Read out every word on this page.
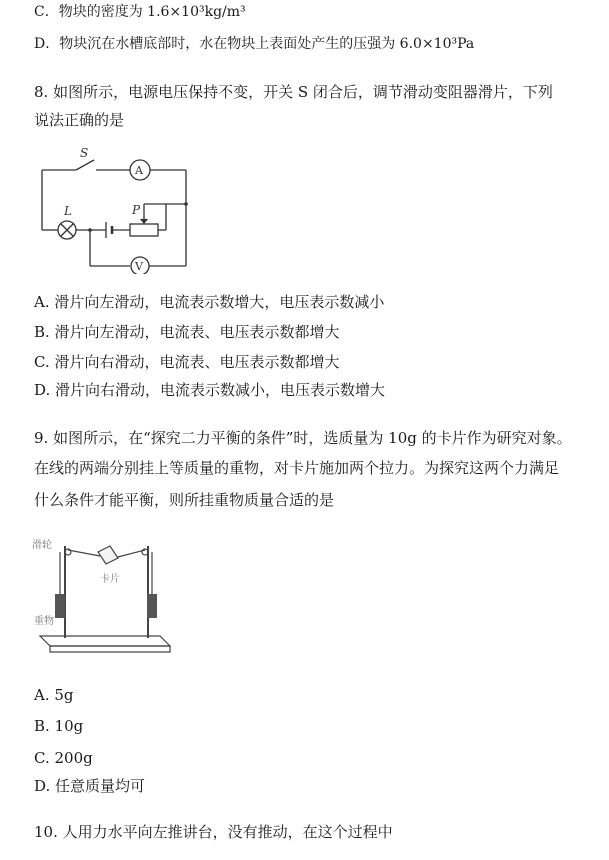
C．物块的密度为 1.6×10³kg/m³
D．物块沉在水槽底部时，水在物块上表面处产生的压强为 6.0×10³Pa
8. 如图所示，电源电压保持不变，开关 S 闭合后，调节滑动变阻器滑片，下列
说法正确的是
S
A
L	P
V
A. 滑片向左滑动，电流表示数增大，电压表示数减小
B. 滑片向左滑动，电流表、电压表示数都增大
C. 滑片向右滑动，电流表、电压表示数都增大
D. 滑片向右滑动，电流表示数减小，电压表示数增大
9. 如图所示，在“探究二力平衡的条件”时，选质量为 10g 的卡片作为研究对象。
在线的两端分别挂上等质量的重物，对卡片施加两个拉力。为探究这两个力满足
什么条件才能平衡，则所挂重物质量合适的是
滑轮
卡片
重物
A. 5g
B. 10g
C. 200g
D. 任意质量均可
10. 人用力水平向左推讲台，没有推动，在这个过程中
